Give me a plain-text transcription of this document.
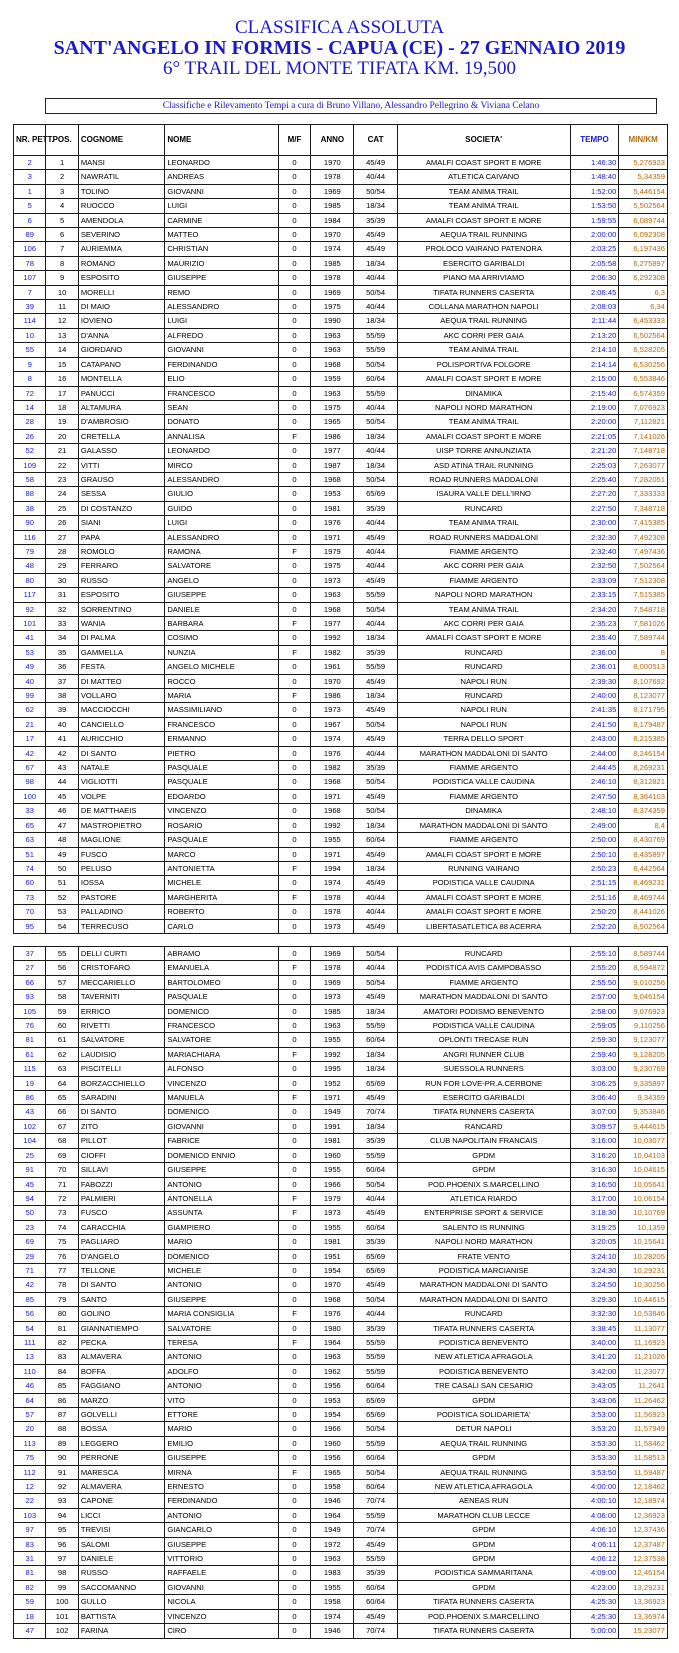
CLASSIFICA ASSOLUTA
SANT'ANGELO IN FORMIS - CAPUA (CE) - 27 GENNAIO 2019
6° TRAIL DEL MONTE TIFATA KM. 19,500
Classifiche e Rilevamento Tempi a cura di Bruno Villano, Alessandro Pellegrino & Viviana Celano
NR. PETT.	POS.	COGNOME	NOME	M/F	ANNO	CAT	SOCIETA'	TEMPO	MIN/KM
2	1	MANSI	LEONARDO	0	1970	45/49	AMALFI COAST SPORT E MORE	1:46:30	5,276923
3	2	NAWRATIL	ANDREAS	0	1978	40/44	ATLETICA CAIVANO	1:48:40	5,34359
1	3	TOLINO	GIOVANNI	0	1969	50/54	TEAM ANIMA TRAIL	1:52:00	5,446154
5	4	RUOCCO	LUIGI	0	1985	18/34	TEAM ANIMA TRAIL	1:53:50	5,502564
6	5	AMENDOLA	CARMINE	0	1984	35/39	AMALFI COAST SPORT E MORE	1:59:55	6,089744
89	6	SEVERINO	MATTEO	0	1970	45/49	AEQUA TRAIL RUNNING	2:00:00	6,092308
106	7	AURIEMMA	CHRISTIAN	0	1974	45/49	PROLOCO VAIRANO PATENORA	2:03:25	6,197436
78	8	ROMANO	MAURIZIO	0	1985	18/34	ESERCITO GARIBALDI	2:05:58	6,275897
107	9	ESPOSITO	GIUSEPPE	0	1978	40/44	PIANO MA ARRIVIAMO	2:06:30	6,292308
7	10	MORELLI	REMO	0	1969	50/54	TIFATA RUNNERS CASERTA	2:06:45	6,3
39	11	DI MAIO	ALESSANDRO	0	1975	40/44	COLLANA MARATHON NAPOLI	2:08:03	6,34
114	12	IOVIENO	LUIGI	0	1990	18/34	AEQUA TRAIL RUNNING	2:11:44	6,453333
10	13	D'ANNA	ALFREDO	0	1963	55/59	AKC CORRI PER GAIA	2:13:20	6,502564
55	14	GIORDANO	GIOVANNI	0	1963	55/59	TEAM ANIMA TRAIL	2:14:10	6,528205
9	15	CATAPANO	FERDINANDO	0	1968	50/54	POLISPORTIVA FOLGORE	2:14:14	6,530256
8	16	MONTELLA	ELIO	0	1959	60/64	AMALFI COAST SPORT E MORE	2:15:00	6,553846
72	17	PANUCCI	FRANCESCO	0	1963	55/59	DINAMIKA	2:15:40	6,574359
14	18	ALTAMURA	SEAN	0	1975	40/44	NAPOLI NORD MARATHON	2:19:00	7,076923
28	19	D'AMBROSIO	DONATO	0	1965	50/54	TEAM ANIMA TRAIL	2:20:00	7,112821
26	20	CRETELLA	ANNALISA	F	1986	18/34	AMALFI COAST SPORT E MORE	2:21:05	7,141026
52	21	GALASSO	LEONARDO	0	1977	40/44	UISP TORRE ANNUNZIATA	2:21:20	7,148718
109	22	VITTI	MIRCO	0	1987	18/34	ASD ATINA TRAIL RUNNING	2:25:03	7,263077
58	23	GRAUSO	ALESSANDRO	0	1968	50/54	ROAD RUNNERS MADDALONI	2:25:40	7,282051
88	24	SESSA	GIULIO	0	1953	65/69	ISAURA VALLE DELL'IRNO	2:27:20	7,333333
38	25	DI COSTANZO	GUIDO	0	1981	35/39	RUNCARD	2:27:50	7,348718
90	26	SIANI	LUIGI	0	1976	40/44	TEAM ANIMA TRAIL	2:30:00	7,415385
116	27	PAPA	ALESSANDRO	0	1971	45/49	ROAD RUNNERS MADDALONI	2:32:30	7,492308
79	28	ROMOLO	RAMONA	F	1979	40/44	FIAMME ARGENTO	2:32:40	7,497436
48	29	FERRARO	SALVATORE	0	1975	40/44	AKC CORRI PER GAIA	2:32:50	7,502564
80	30	RUSSO	ANGELO	0	1973	45/49	FIAMME ARGENTO	2:33:09	7,512308
117	31	ESPOSITO	GIUSEPPE	0	1963	55/59	NAPOLI NORD MARATHON	2:33:15	7,515385
92	32	SORRENTINO	DANIELE	0	1968	50/54	TEAM ANIMA TRAIL	2:34:20	7,548718
101	33	WANIA	BARBARA	F	1977	40/44	AKC CORRI PER GAIA	2:35:23	7,581026
41	34	DI PALMA	COSIMO	0	1992	18/34	AMALFI COAST SPORT E MORE	2:35:40	7,589744
53	35	GAMMELLA	NUNZIA	F	1982	35/39	RUNCARD	2:36:00	8
49	36	FESTA	ANGELO MICHELE	0	1961	55/59	RUNCARD	2:36:01	8,000513
40	37	DI MATTEO	ROCCO	0	1970	45/49	NAPOLI RUN	2:39:30	8,107692
99	38	VOLLARO	MARIA	F	1986	18/34	RUNCARD	2:40:00	8,123077
62	39	MACCIOCCHI	MASSIMILIANO	0	1973	45/49	NAPOLI RUN	2:41:35	8,171795
21	40	CANCIELLO	FRANCESCO	0	1967	50/54	NAPOLI RUN	2:41:50	8,179487
17	41	AURICCHIO	ERMANNO	0	1974	45/49	TERRA DELLO SPORT	2:43:00	8,215385
42	42	DI SANTO	PIETRO	0	1976	40/44	MARATHON MADDALONI DI SANTO	2:44:00	8,246154
67	43	NATALE	PASQUALE	0	1982	35/39	FIAMME ARGENTO	2:44:45	8,269231
98	44	VIGLIOTTI	PASQUALE	0	1968	50/54	PODISTICA VALLE CAUDINA	2:46:10	8,312821
100	45	VOLPE	EDOARDO	0	1971	45/49	FIAMME ARGENTO	2:47:50	8,364103
33	46	DE MATTHAEIS	VINCENZO	0	1968	50/54	DINAMIKA	2:48:10	8,374359
65	47	MASTROPIETRO	ROSARIO	0	1992	18/34	MARATHON MADDALONI DI SANTO	2:49:00	8,4
63	48	MAGLIONE	PASQUALE	0	1955	60/64	FIAMME ARGENTO	2:50:00	8,430769
51	49	FUSCO	MARCO	0	1971	45/49	AMALFI COAST SPORT E MORE	2:50:10	8,435897
74	50	PELUSO	ANTONIETTA	F	1994	18/34	RUNNING VAIRANO	2:50:23	8,442564
60	51	IOSSA	MICHELE	0	1974	45/49	PODISTICA VALLE CAUDINA	2:51:15	8,469231
73	52	PASTORE	MARGHERITA	F	1978	40/44	AMALFI COAST SPORT E MORE	2:51:16	8,469744
70	53	PALLADINO	ROBERTO	0	1978	40/44	AMALFI COAST SPORT E MORE	2:50:20	8,441026
95	54	TERRECUSO	CARLO	0	1973	45/49	LIBERTASATLETICA 88 ACERRA	2:52:20	8,502564
37	55	DELLI CURTI	ABRAMO	0	1969	50/54	RUNCARD	2:55:10	8,589744
27	56	CRISTOFARO	EMANUELA	F	1978	40/44	PODISTICA AVIS CAMPOBASSO	2:55:20	8,594872
66	57	MECCARIELLO	BARTOLOMEO	0	1969	50/54	FIAMME ARGENTO	2:55:50	9,010256
93	58	TAVERNITI	PASQUALE	0	1973	45/49	MARATHON MADDALONI DI SANTO	2:57:00	9,046154
105	59	ERRICO	DOMENICO	0	1985	18/34	AMATORI PODISMO BENEVENTO	2:58:00	9,076923
76	60	RIVETTI	FRANCESCO	0	1963	55/59	PODISTICA VALLE CAUDINA	2:59:05	9,110256
81	61	SALVATORE	SALVATORE	0	1955	60/64	OPLONTI TRECASE RUN	2:59:30	9,123077
61	62	LAUDISIO	MARIACHIARA	F	1992	18/34	ANGRI RUNNER CLUB	2:59:40	9,128205
115	63	PISCITELLI	ALFONSO	0	1995	18/34	SUESSOLA RUNNERS	3:03:00	9,230769
19	64	BORZACCHIELLO	VINCENZO	0	1952	65/69	RUN FOR LOVE-PR.A.CERBONE	3:06:25	9,335897
86	65	SARADINI	MANUELA	F	1971	45/49	ESERCITO GARIBALDI	3:06:40	9,34359
43	66	DI SANTO	DOMENICO	0	1949	70/74	TIFATA RUNNERS CASERTA	3:07:00	9,353846
102	67	ZITO	GIOVANNI	0	1991	18/34	RANCARD	3:09:57	9,444615
104	68	PILLOT	FABRICE	0	1981	35/39	CLUB NAPOLITAIN FRANCAIS	3:16:00	10,03077
25	69	CIOFFI	DOMENICO ENNIO	0	1960	55/59	GPDM	3:16:20	10,04103
91	70	SILLAVI	GIUSEPPE	0	1955	60/64	GPDM	3:16:30	10,04615
45	71	FABOZZI	ANTONIO	0	1966	50/54	POD.PHOENIX S.MARCELLINO	3:16:50	10,05641
94	72	PALMIERI	ANTONELLA	F	1979	40/44	ATLETICA RIARDO	3:17:00	10,06154
50	73	FUSCO	ASSUNTA	F	1973	45/49	ENTERPRISE SPORT & SERVICE	3:18:30	10,10769
23	74	CARACCHIA	GIAMPIERO	0	1955	60/64	SALENTO IS RUNNING	3:19:25	10,1359
69	75	PAGLIARO	MARIO	0	1981	35/39	NAPOLI NORD MARATHON	3:20:05	10,15641
29	76	D'ANGELO	DOMENICO	0	1951	65/69	FRATE VENTO	3:24:10	10,28205
71	77	TELLONE	MICHELE	0	1954	65/69	PODISTICA MARCIANISE	3:24:30	10,29231
42	78	DI SANTO	ANTONIO	0	1970	45/49	MARATHON MADDALONI DI SANTO	3:24:50	10,30256
85	79	SANTO	GIUSEPPE	0	1968	50/54	MARATHON MADDALONI DI SANTO	3:29:30	10,44615
56	80	GOLINO	MARIA CONSIGLIA	F	1976	40/44	RUNCARD	3:32:30	10,53846
54	81	GIANNATIEMPO	SALVATORE	0	1980	35/39	TIFATA RUNNERS CASERTA	3:38:45	11,13077
111	82	PECKA	TERESA	F	1964	55/59	PODISTICA BENEVENTO	3:40:00	11,16923
13	83	ALMAVERA	ANTONIO	0	1963	55/59	NEW ATLETICA AFRAGOLA	3:41:20	11,21026
110	84	BOFFA	ADOLFO	0	1962	55/59	PODISTICA BENEVENTO	3:42:00	11,23077
46	85	FAGGIANO	ANTONIO	0	1956	60/64	TRE CASALI SAN CESARIO	3:43:05	11,2641
64	86	MARZO	VITO	0	1953	65/69	GPDM	3:43:06	11,26462
57	87	GOLVELLI	ETTORE	0	1954	65/69	PODISTICA SOLIDARIETA'	3:53:00	11,56923
20	88	BOSSA	MARIO	0	1966	50/54	DETUR NAPOLI	3:53:20	11,57949
113	89	LEGGERO	EMILIO	0	1960	55/59	AEQUA TRAIL RUNNING	3:53:30	11,58462
75	90	PERRONE	GIUSEPPE	0	1956	60/64	GPDM	3:53:30	11,58513
112	91	MARESCA	MIRNA	F	1965	50/54	AEQUA TRAIL RUNNING	3:53:50	11,59487
12	92	ALMAVERA	ERNESTO	0	1958	60/64	NEW ATLETICA AFRAGOLA	4:00:00	12,18462
22	93	CAPONE	FERDINANDO	0	1946	70/74	AENEAS RUN	4:00:10	12,18974
103	94	LICCI	ANTONIO	0	1964	55/59	MARATHON CLUB LECCE	4:06:00	12,36923
97	95	TREVISI	GIANCARLO	0	1949	70/74	GPDM	4:06:10	12,37436
83	96	SALOMI	GIUSEPPE	0	1972	45/49	GPDM	4:06:11	12,37487
31	97	DANIELE	VITTORIO	0	1963	55/59	GPDM	4:06:12	12,37538
81	98	RUSSO	RAFFAELE	0	1983	35/39	PODISTICA SAMMARITANA	4:09:00	12,46154
82	99	SACCOMANNO	GIOVANNI	0	1955	60/64	GPDM	4:23:00	13,29231
59	100	GULLO	NICOLA	0	1958	60/64	TIFATA RUNNERS CASERTA	4:25:30	13,36923
18	101	BATTISTA	VINCENZO	0	1974	45/49	POD.PHOENIX S.MARCELLINO	4:25:30	13,36974
47	102	FARINA	CIRO	0	1946	70/74	TIFATA RUNNERS CASERTA	5:00:00	15,23077
